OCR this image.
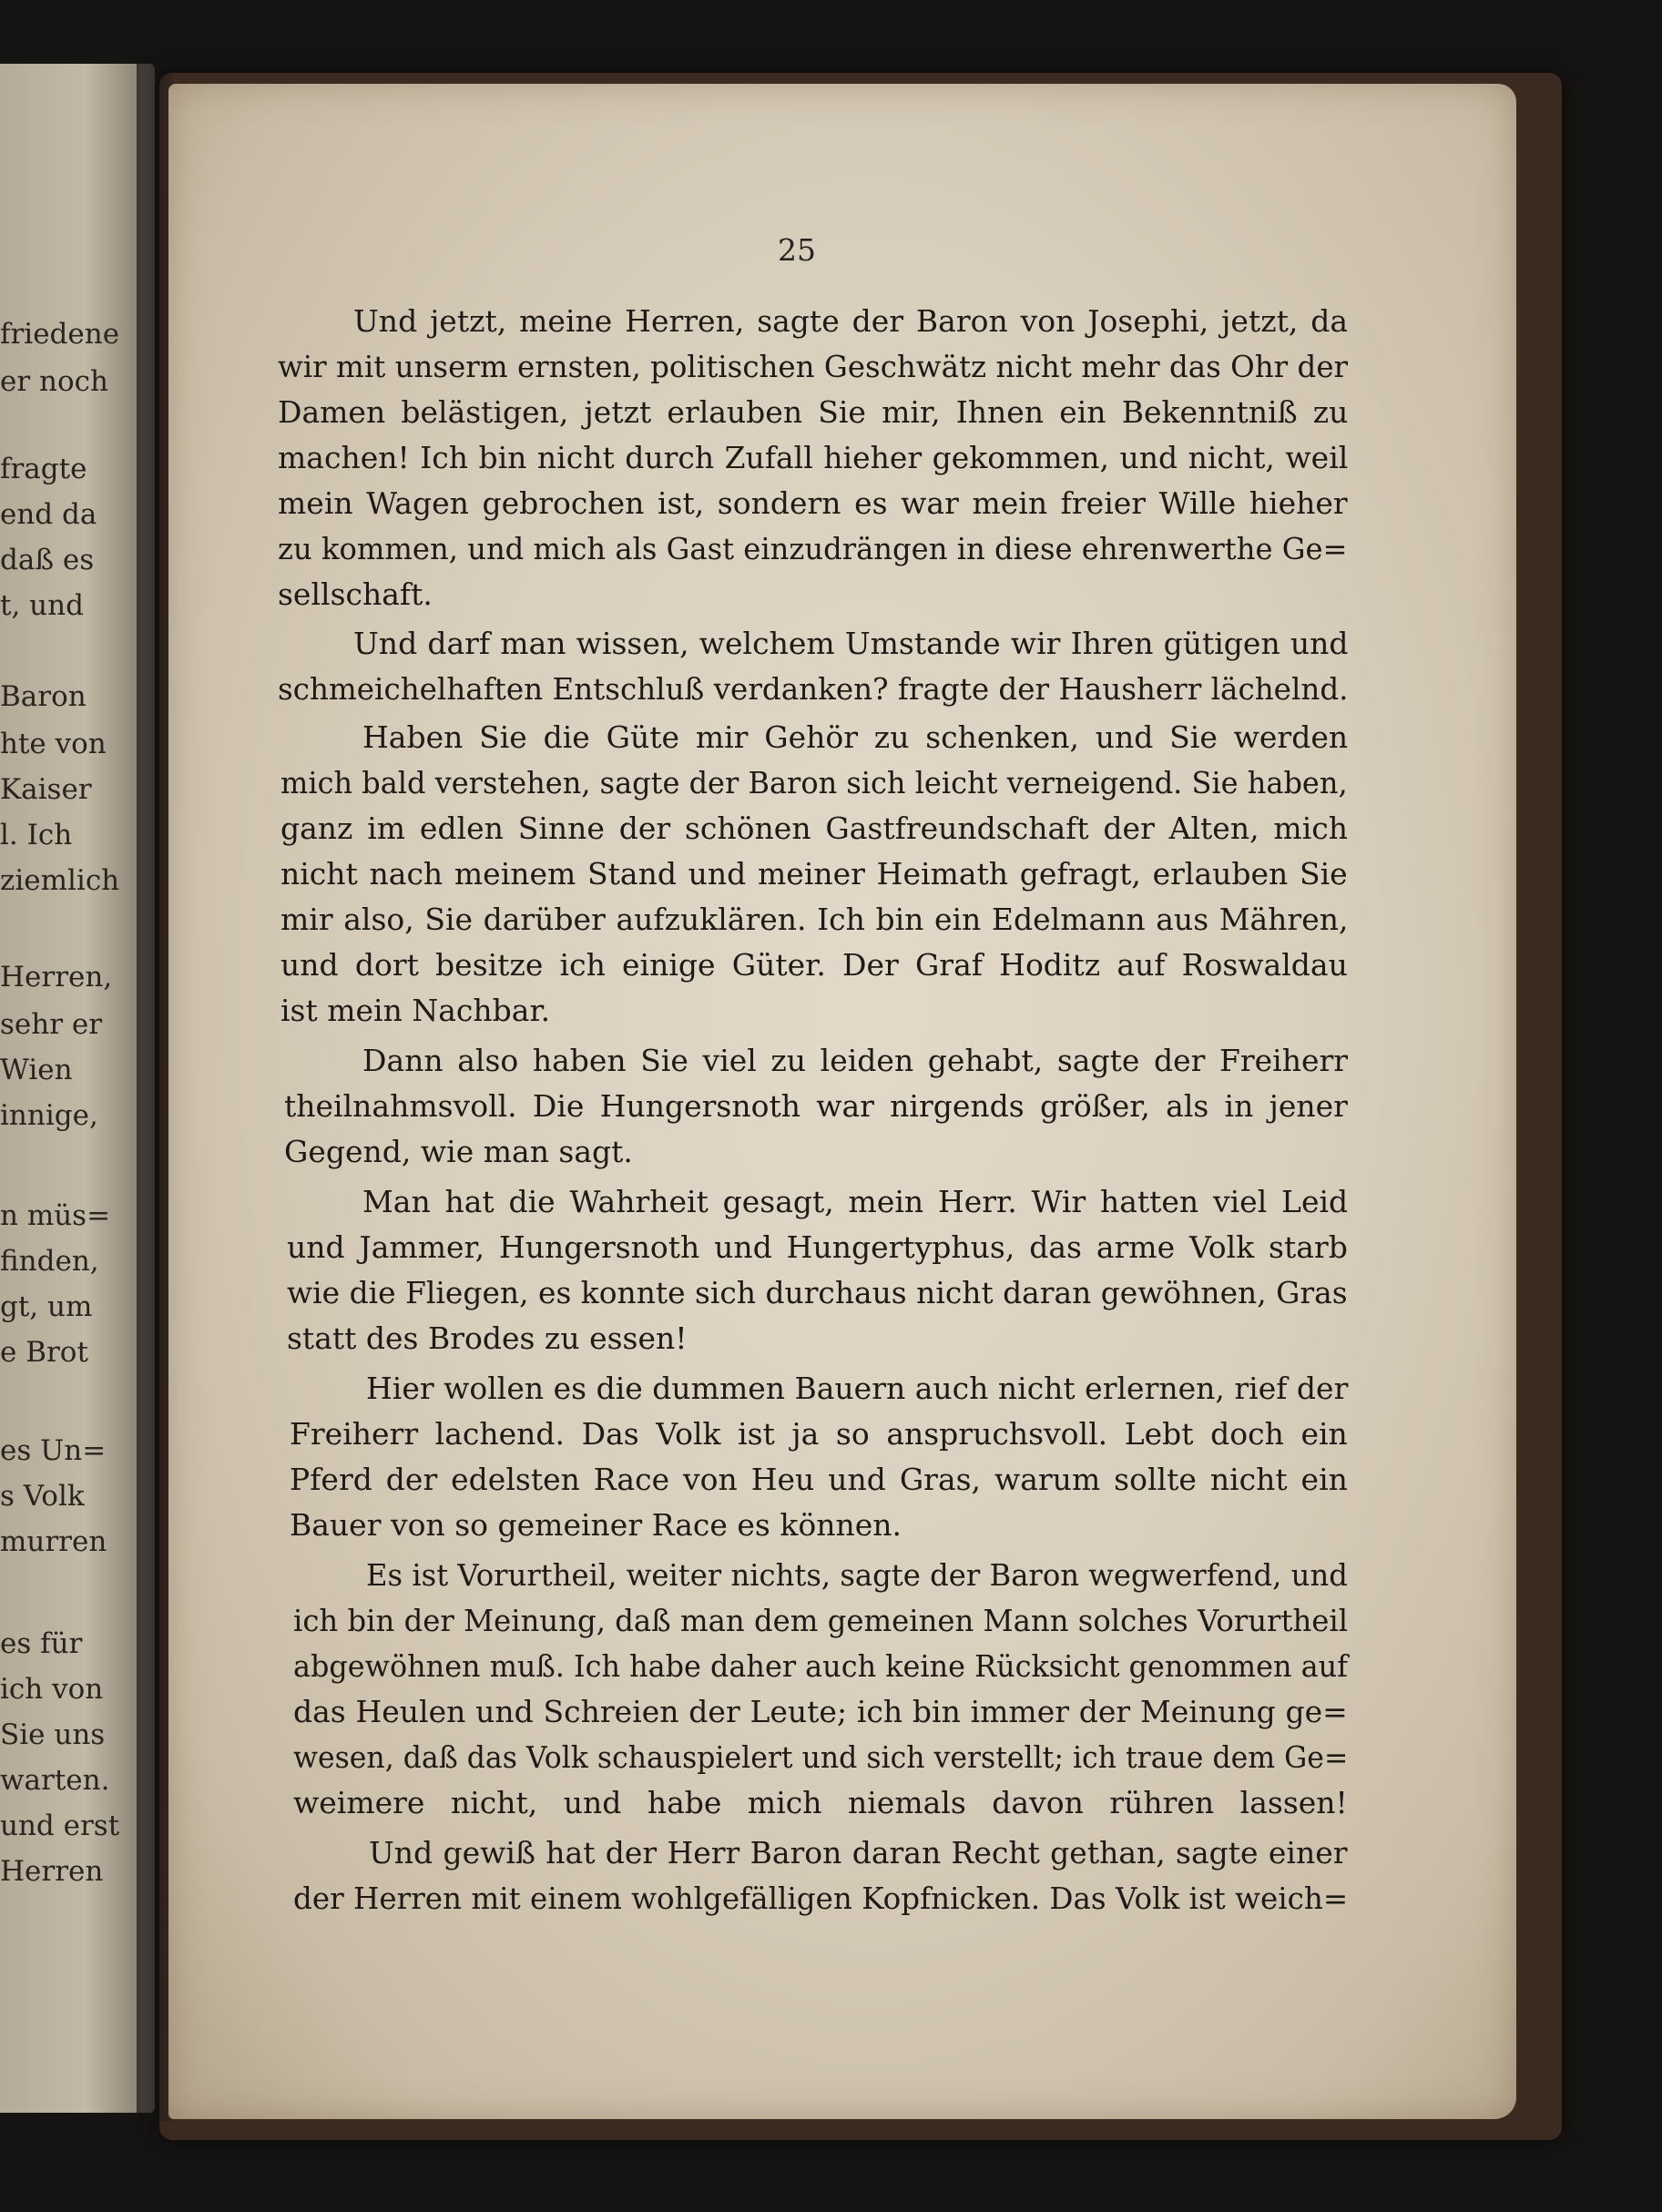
friedene
er noch
fragte
end da
daß es
t, und
Baron
hte von
Kaiser
l. Ich
ziemlich
Herren,
sehr er
Wien
innige,
n müs=
finden,
gt, um
e Brot
es Un=
s Volk
murren
es für
ich von
Sie uns
warten.
und erst
Herren
25

Und jetzt, meine Herren, sagte der Baron von Josephi, jetzt, da

wir mit unserm ernsten, politischen Geschwätz nicht mehr das Ohr der

Damen belästigen, jetzt erlauben Sie mir, Ihnen ein Bekenntniß zu

machen! Ich bin nicht durch Zufall hieher gekommen, und nicht, weil

mein Wagen gebrochen ist, sondern es war mein freier Wille hieher

zu kommen, und mich als Gast einzudrängen in diese ehrenwerthe Ge=

sellschaft.

Und darf man wissen, welchem Umstande wir Ihren gütigen und

schmeichelhaften Entschluß verdanken? fragte der Hausherr lächelnd.

Haben Sie die Güte mir Gehör zu schenken, und Sie werden

mich bald verstehen, sagte der Baron sich leicht verneigend. Sie haben,

ganz im edlen Sinne der schönen Gastfreundschaft der Alten, mich

nicht nach meinem Stand und meiner Heimath gefragt, erlauben Sie

mir also, Sie darüber aufzuklären. Ich bin ein Edelmann aus Mähren,

und dort besitze ich einige Güter. Der Graf Hoditz auf Roswaldau

ist mein Nachbar.

Dann also haben Sie viel zu leiden gehabt, sagte der Freiherr

theilnahmsvoll. Die Hungersnoth war nirgends größer, als in jener

Gegend, wie man sagt.

Man hat die Wahrheit gesagt, mein Herr. Wir hatten viel Leid

und Jammer, Hungersnoth und Hungertyphus, das arme Volk starb

wie die Fliegen, es konnte sich durchaus nicht daran gewöhnen, Gras

statt des Brodes zu essen!

Hier wollen es die dummen Bauern auch nicht erlernen, rief der

Freiherr lachend. Das Volk ist ja so anspruchsvoll. Lebt doch ein

Pferd der edelsten Race von Heu und Gras, warum sollte nicht ein

Bauer von so gemeiner Race es können.

Es ist Vorurtheil, weiter nichts, sagte der Baron wegwerfend, und

ich bin der Meinung, daß man dem gemeinen Mann solches Vorurtheil

abgewöhnen muß. Ich habe daher auch keine Rücksicht genommen auf

das Heulen und Schreien der Leute; ich bin immer der Meinung ge=

wesen, daß das Volk schauspielert und sich verstellt; ich traue dem Ge=

weimere nicht, und habe mich niemals davon rühren lassen!

Und gewiß hat der Herr Baron daran Recht gethan, sagte einer

der Herren mit einem wohlgefälligen Kopfnicken. Das Volk ist weich=
